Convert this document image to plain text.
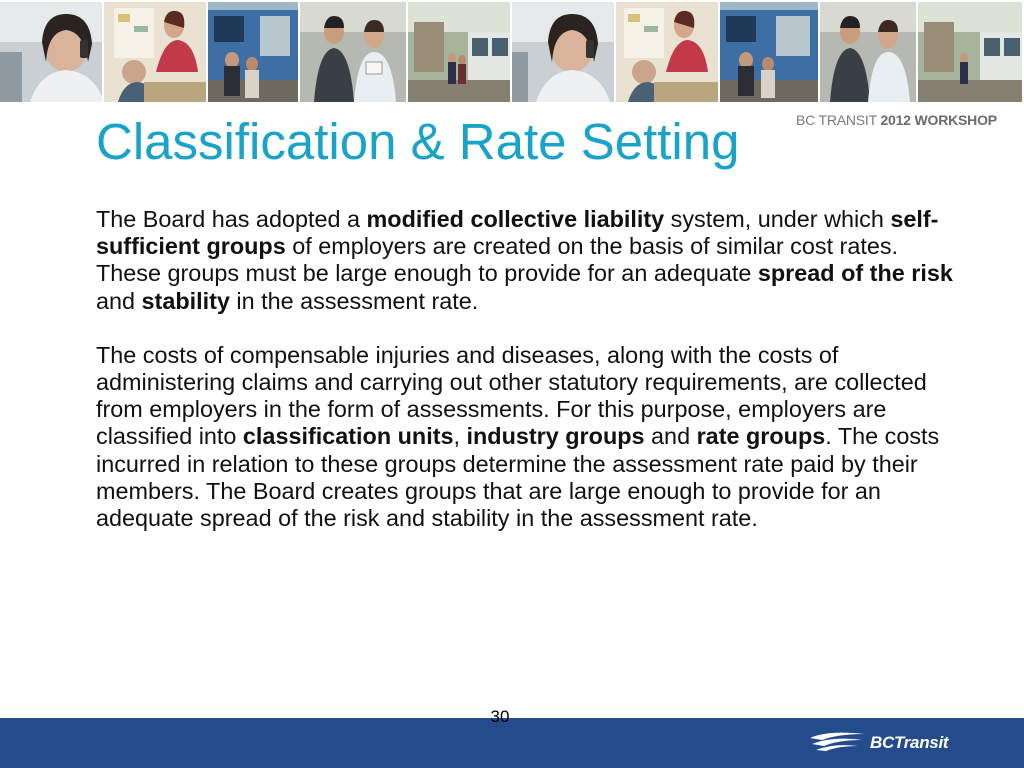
BC TRANSIT 2012 WORKSHOP
Classification & Rate Setting

The Board has adopted a modified collective liability system, under which self-sufficient groups of employers are created on the basis of similar cost rates. These groups must be large enough to provide for an adequate spread of the risk and stability in the assessment rate.

The costs of compensable injuries and diseases, along with the costs of administering claims and carrying out other statutory requirements, are collected from employers in the form of assessments. For this purpose, employers are classified into classification units, industry groups and rate groups. The costs incurred in relation to these groups determine the assessment rate paid by their members. The Board creates groups that are large enough to provide for an adequate spread of the risk and stability in the assessment rate.

30
BCTransit
